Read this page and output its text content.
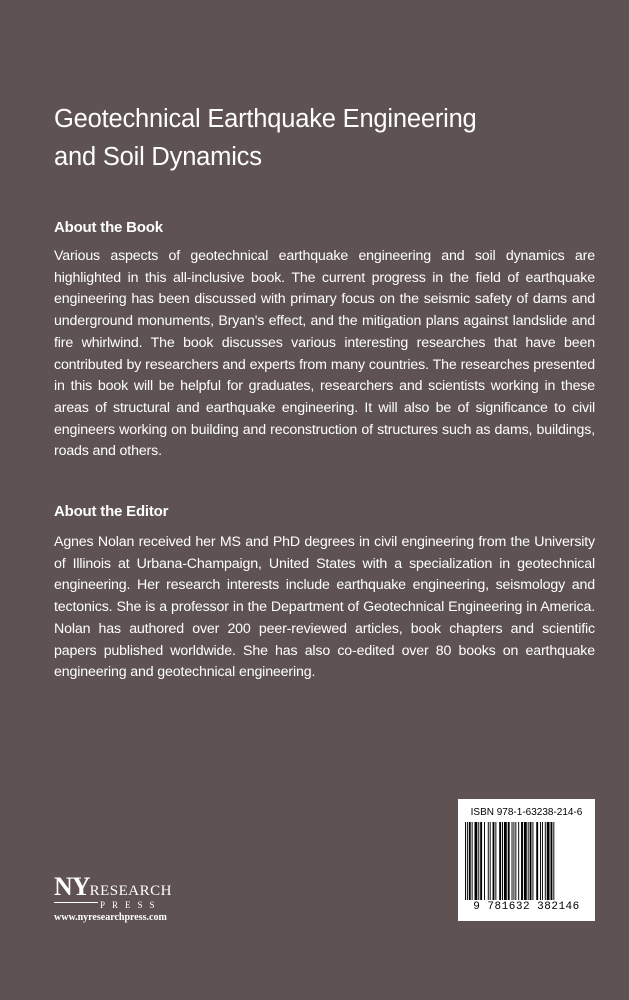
Geotechnical Earthquake Engineering
and Soil Dynamics
About the Book
Various aspects of geotechnical earthquake engineering and soil dynamics are highlighted in this all-inclusive book. The current progress in the field of earthquake engineering has been discussed with primary focus on the seismic safety of dams and underground monuments, Bryan's effect, and the mitigation plans against landslide and fire whirlwind. The book discusses various interesting researches that have been contributed by researchers and experts from many countries. The researches presented in this book will be helpful for graduates, researchers and scientists working in these areas of structural and earthquake engineering. It will also be of significance to civil engineers working on building and reconstruction of structures such as dams, buildings, roads and others.
About the Editor
Agnes Nolan received her MS and PhD degrees in civil engineering from the University of Illinois at Urbana-Champaign, United States with a specialization in geotechnical engineering. Her research interests include earthquake engineering, seismology and tectonics. She is a professor in the Department of Geotechnical Engineering in America. Nolan has authored over 200 peer-reviewed articles, book chapters and scientific papers published worldwide. She has also co-edited over 80 books on earthquake engineering and geotechnical engineering.
NYRESEARCH
PRESS
www.nyresearchpress.com
ISBN 978-1-63238-214-6
9 781632 382146
